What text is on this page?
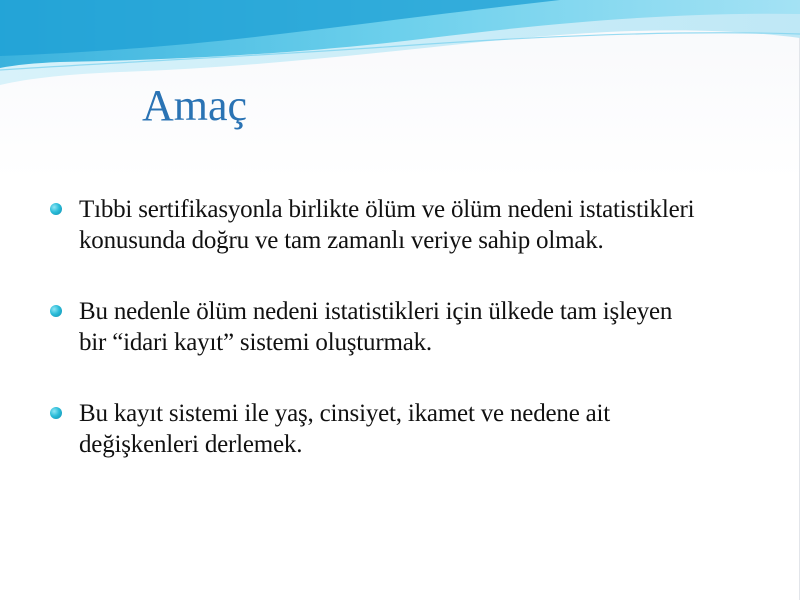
Amaç
Tıbbi sertifikasyonla birlikte ölüm ve ölüm nedeni istatistikleri
konusunda doğru ve tam zamanlı veriye sahip olmak.
Bu nedenle ölüm nedeni istatistikleri için ülkede tam işleyen
bir “idari kayıt” sistemi oluşturmak.
Bu kayıt sistemi ile yaş, cinsiyet, ikamet ve nedene ait
değişkenleri derlemek.
